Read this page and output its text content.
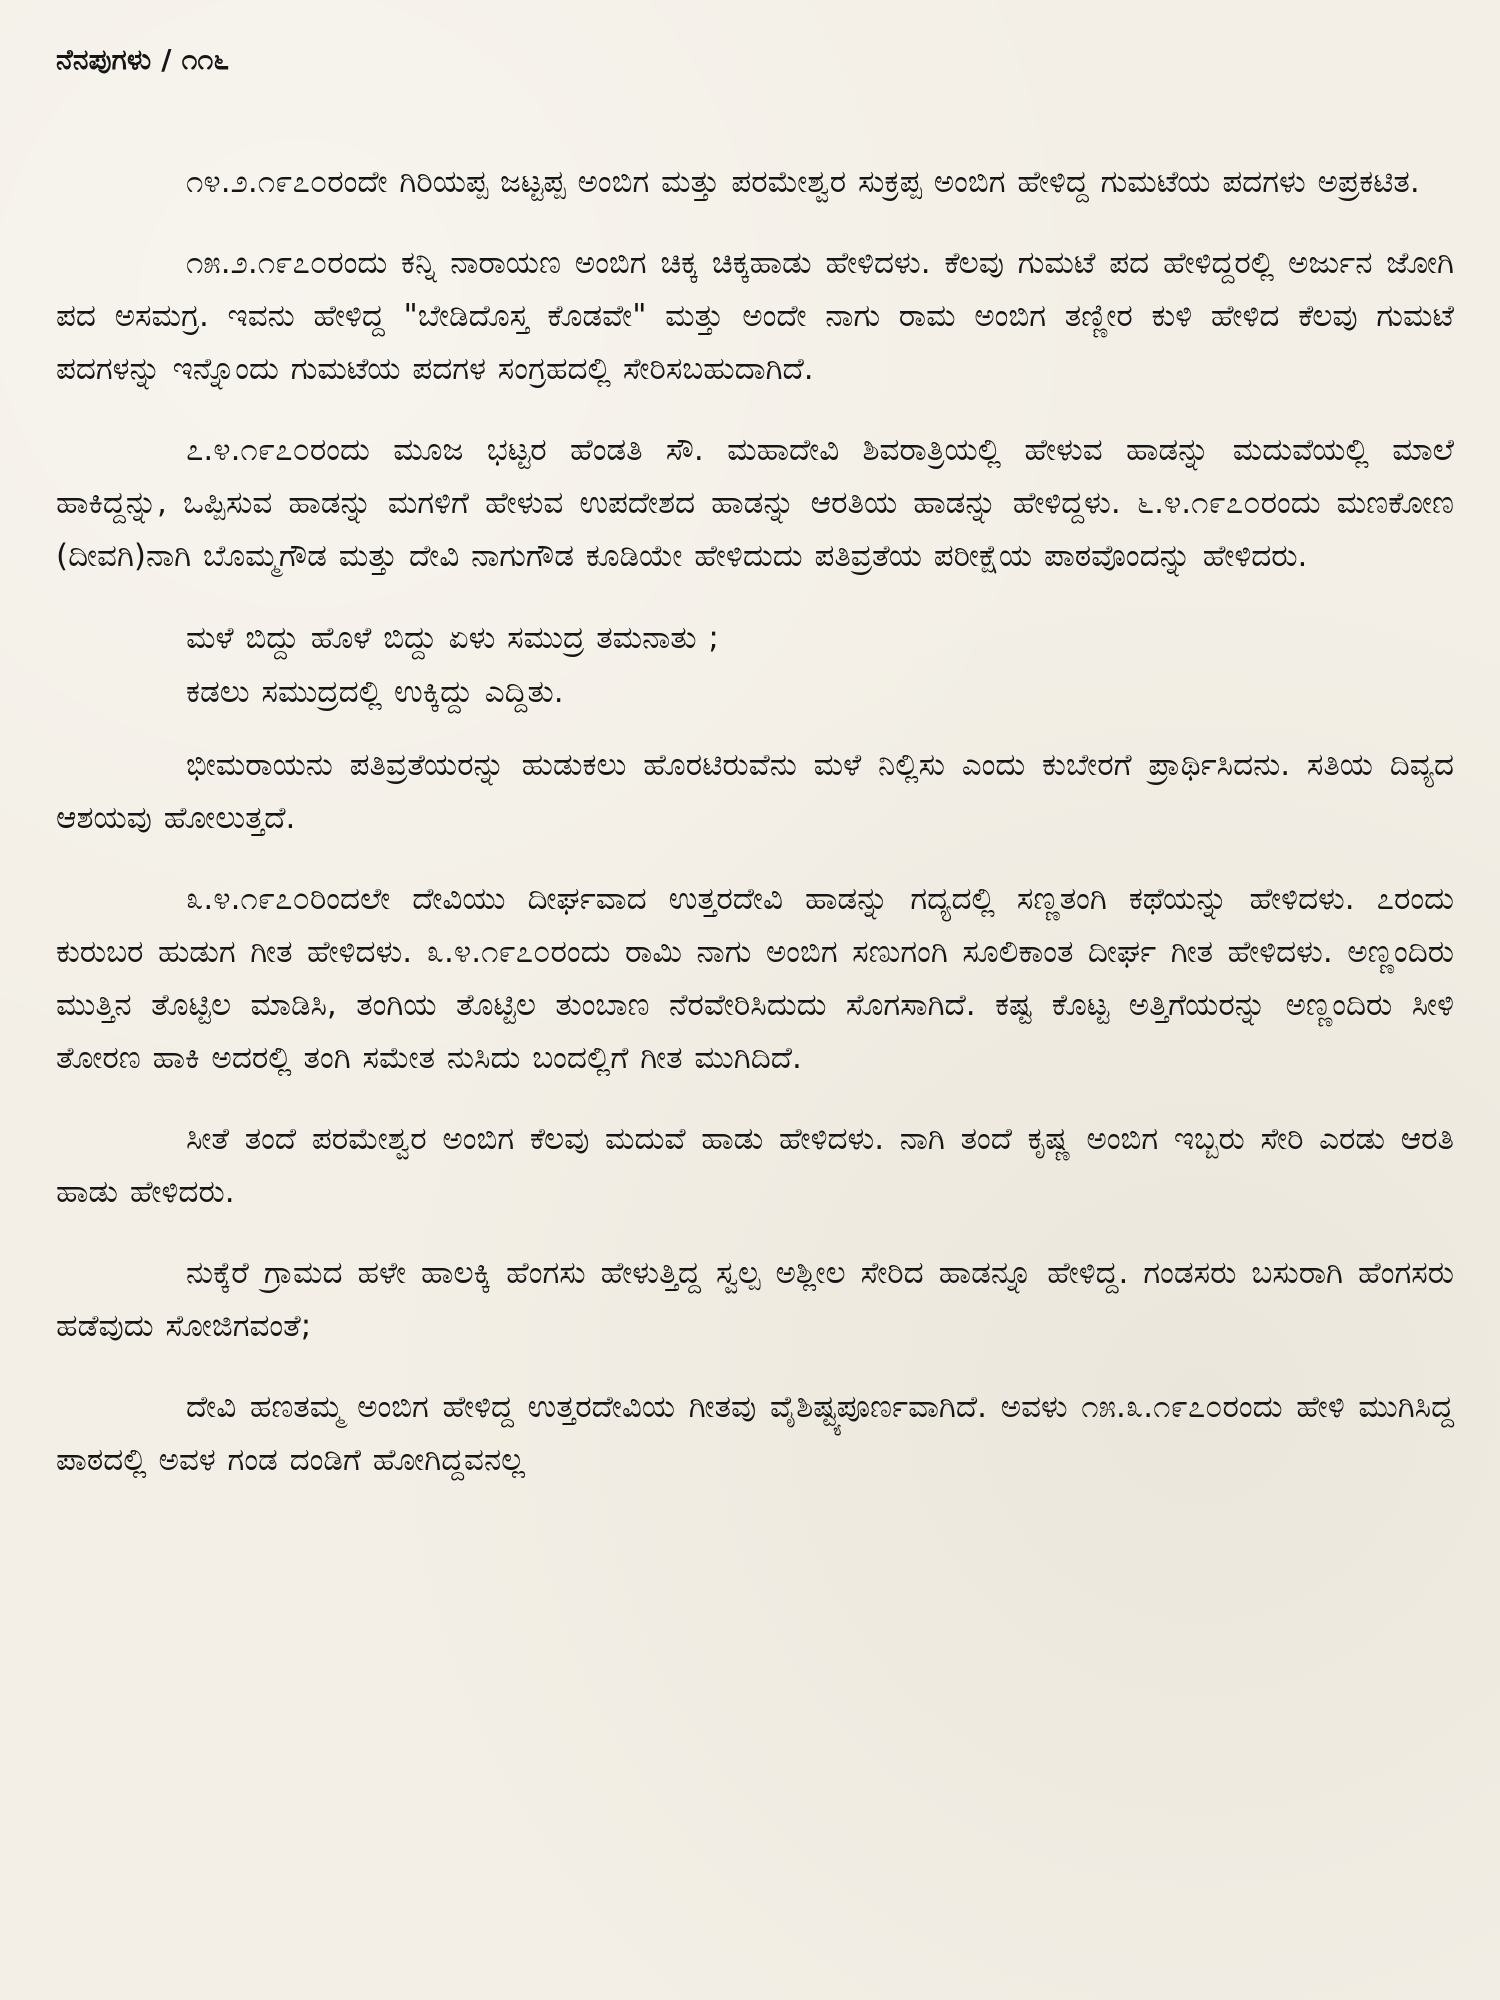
ನೆನಪುಗಳು / ೧೧೬

೧೪.೨.೧೯೭೦ರಂದೇ ಗಿರಿಯಪ್ಪ ಜಟ್ಟಪ್ಪ ಅಂಬಿಗ ಮತ್ತು ಪರಮೇಶ್ವರ ಸುಕ್ರಪ್ಪ ಅಂಬಿಗ ಹೇಳಿದ್ದ ಗುಮಟೆಯ ಪದಗಳು ಅಪ್ರಕಟಿತ.

೧೫.೨.೧೯೭೦ರಂದು ಕನ್ನಿ ನಾರಾಯಣ ಅಂಬಿಗ ಚಿಕ್ಕ ಚಿಕ್ಕಹಾಡು ಹೇಳಿದಳು. ಕೆಲವು ಗುಮಟೆ ಪದ ಹೇಳಿದ್ದರಲ್ಲಿ ಅರ್ಜುನ ಜೋಗಿ ಪದ ಅಸಮಗ್ರ. ಇವನು ಹೇಳಿದ್ದ "ಬೇಡಿದೊಸ್ತ ಕೊಡವೇ" ಮತ್ತು ಅಂದೇ ನಾಗು ರಾಮ ಅಂಬಿಗ ತಣ್ಣೀರ ಕುಳಿ ಹೇಳಿದ ಕೆಲವು ಗುಮಟೆ ಪದಗಳನ್ನು ಇನ್ನೊಂದು ಗುಮಟೆಯ ಪದಗಳ ಸಂಗ್ರಹದಲ್ಲಿ ಸೇರಿಸಬಹುದಾಗಿದೆ.

೭.೪.೧೯೭೦ರಂದು ಮೂಜ ಭಟ್ಟರ ಹೆಂಡತಿ ಸೌ. ಮಹಾದೇವಿ ಶಿವರಾತ್ರಿಯಲ್ಲಿ ಹೇಳುವ ಹಾಡನ್ನು ಮದುವೆಯಲ್ಲಿ ಮಾಲೆ ಹಾಕಿದ್ದನ್ನು, ಒಪ್ಪಿಸುವ ಹಾಡನ್ನು ಮಗಳಿಗೆ ಹೇಳುವ ಉಪದೇಶದ ಹಾಡನ್ನು ಆರತಿಯ ಹಾಡನ್ನು ಹೇಳಿದ್ದಳು. ೬.೪.೧೯೭೦ರಂದು ಮಣಕೋಣ (ದೀವಗಿ)ನಾಗಿ ಬೊಮ್ಮಗೌಡ ಮತ್ತು ದೇವಿ ನಾಗುಗೌಡ ಕೂಡಿಯೇ ಹೇಳಿದುದು ಪತಿವ್ರತೆಯ ಪರೀಕ್ಷೆಯ ಪಾಠವೊಂದನ್ನು ಹೇಳಿದರು.

ಮಳೆ ಬಿದ್ದು ಹೊಳೆ ಬಿದ್ದು ಏಳು ಸಮುದ್ರ ತಮನಾತು ;
ಕಡಲು ಸಮುದ್ರದಲ್ಲಿ ಉಕ್ಕಿದ್ದು ಎದ್ದಿತು.

ಭೀಮರಾಯನು ಪತಿವ್ರತೆಯರನ್ನು ಹುಡುಕಲು ಹೊರಟಿರುವೆನು ಮಳೆ ನಿಲ್ಲಿಸು ಎಂದು ಕುಬೇರಗೆ ಪ್ರಾರ್ಥಿಸಿದನು. ಸತಿಯ ದಿವ್ಯದ ಆಶಯವು ಹೋಲುತ್ತದೆ.

೩.೪.೧೯೭೦ರಿಂದಲೇ ದೇವಿಯು ದೀರ್ಘವಾದ ಉತ್ತರದೇವಿ ಹಾಡನ್ನು ಗದ್ಯದಲ್ಲಿ ಸಣ್ಣತಂಗಿ ಕಥೆಯನ್ನು ಹೇಳಿದಳು. ೭ರಂದು ಕುರುಬರ ಹುಡುಗ ಗೀತ ಹೇಳಿದಳು. ೩.೪.೧೯೭೦ರಂದು ರಾಮಿ ನಾಗು ಅಂಬಿಗ ಸಣುಗಂಗಿ ಸೂಲಿಕಾಂತ ದೀರ್ಘ ಗೀತ ಹೇಳಿದಳು. ಅಣ್ಣಂದಿರು ಮುತ್ತಿನ ತೊಟ್ಟಿಲ ಮಾಡಿಸಿ, ತಂಗಿಯ ತೊಟ್ಟಿಲ ತುಂಬಾಣ ನೆರವೇರಿಸಿದುದು ಸೊಗಸಾಗಿದೆ. ಕಷ್ಟ ಕೊಟ್ಟ ಅತ್ತಿಗೆಯರನ್ನು ಅಣ್ಣಂದಿರು ಸೀಳಿ ತೋರಣ ಹಾಕಿ ಅದರಲ್ಲಿ ತಂಗಿ ಸಮೇತ ನುಸಿದು ಬಂದಲ್ಲಿಗೆ ಗೀತ ಮುಗಿದಿದೆ.

ಸೀತೆ ತಂದೆ ಪರಮೇಶ್ವರ ಅಂಬಿಗ ಕೆಲವು ಮದುವೆ ಹಾಡು ಹೇಳಿದಳು. ನಾಗಿ ತಂದೆ ಕೃಷ್ಣ ಅಂಬಿಗ ಇಬ್ಬರು ಸೇರಿ ಎರಡು ಆರತಿ ಹಾಡು ಹೇಳಿದರು.

ನುಕ್ಕೆರೆ ಗ್ರಾಮದ ಹಳೇ ಹಾಲಕ್ಕಿ ಹೆಂಗಸು ಹೇಳುತ್ತಿದ್ದ ಸ್ವಲ್ಪ ಅಶ್ಲೀಲ ಸೇರಿದ ಹಾಡನ್ನೂ ಹೇಳಿದ್ದ. ಗಂಡಸರು ಬಸುರಾಗಿ ಹೆಂಗಸರು ಹಡೆವುದು ಸೋಜಿಗವಂತೆ;

ದೇವಿ ಹಣತಮ್ಮ ಅಂಬಿಗ ಹೇಳಿದ್ದ ಉತ್ತರದೇವಿಯ ಗೀತವು ವೈಶಿಷ್ಟ್ಯಪೂರ್ಣವಾಗಿದೆ. ಅವಳು ೧೫.೩.೧೯೭೦ರಂದು ಹೇಳಿ ಮುಗಿಸಿದ್ದ ಪಾಠದಲ್ಲಿ ಅವಳ ಗಂಡ ದಂಡಿಗೆ ಹೋಗಿದ್ದವನಲ್ಲ
